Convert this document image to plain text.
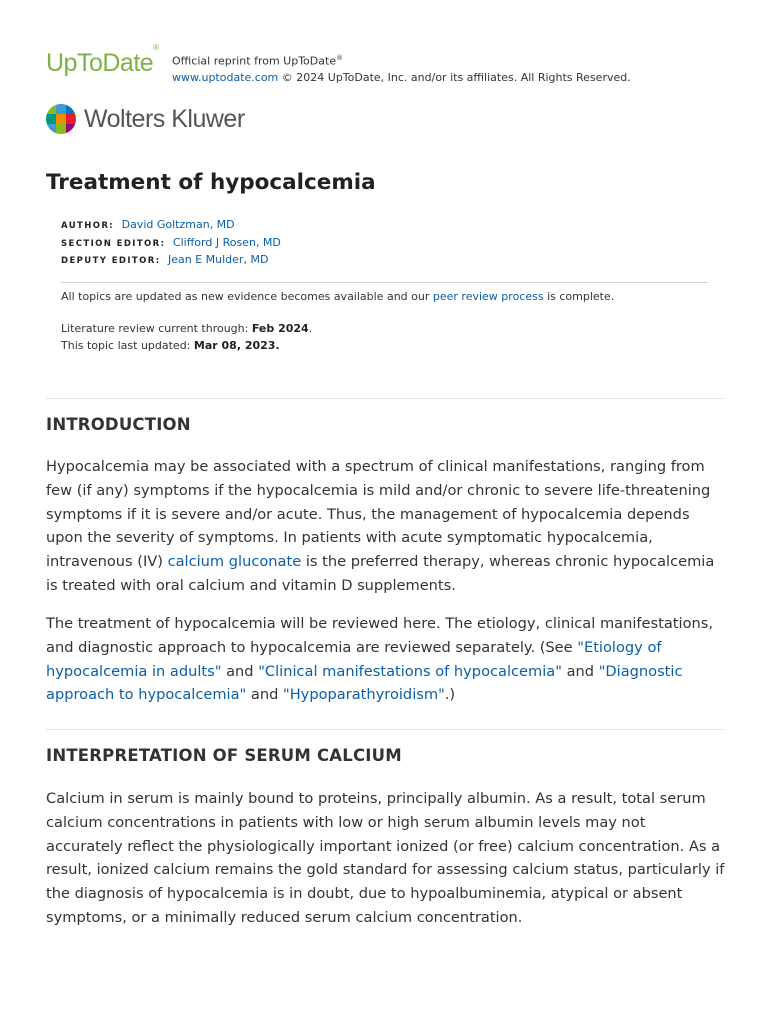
UpToDate®
Official reprint from UpToDate®
www.uptodate.com © 2024 UpToDate, Inc. and/or its affiliates. All Rights Reserved.
Wolters Kluwer
Treatment of hypocalcemia
AUTHOR: David Goltzman, MD
SECTION EDITOR: Clifford J Rosen, MD
DEPUTY EDITOR: Jean E Mulder, MD
All topics are updated as new evidence becomes available and our peer review process is complete.
Literature review current through: Feb 2024.
This topic last updated: Mar 08, 2023.
INTRODUCTION

Hypocalcemia may be associated with a spectrum of clinical manifestations, ranging from few (if any) symptoms if the hypocalcemia is mild and/or chronic to severe life-threatening symptoms if it is severe and/or acute. Thus, the management of hypocalcemia depends upon the severity of symptoms. In patients with acute symptomatic hypocalcemia, intravenous (IV) calcium gluconate is the preferred therapy, whereas chronic hypocalcemia is treated with oral calcium and vitamin D supplements.

The treatment of hypocalcemia will be reviewed here. The etiology, clinical manifestations, and diagnostic approach to hypocalcemia are reviewed separately. (See "Etiology of hypocalcemia in adults" and "Clinical manifestations of hypocalcemia" and "Diagnostic approach to hypocalcemia" and "Hypoparathyroidism".)

INTERPRETATION OF SERUM CALCIUM

Calcium in serum is mainly bound to proteins, principally albumin. As a result, total serum calcium concentrations in patients with low or high serum albumin levels may not accurately reflect the physiologically important ionized (or free) calcium concentration. As a result, ionized calcium remains the gold standard for assessing calcium status, particularly if the diagnosis of hypocalcemia is in doubt, due to hypoalbuminemia, atypical or absent symptoms, or a minimally reduced serum calcium concentration.
